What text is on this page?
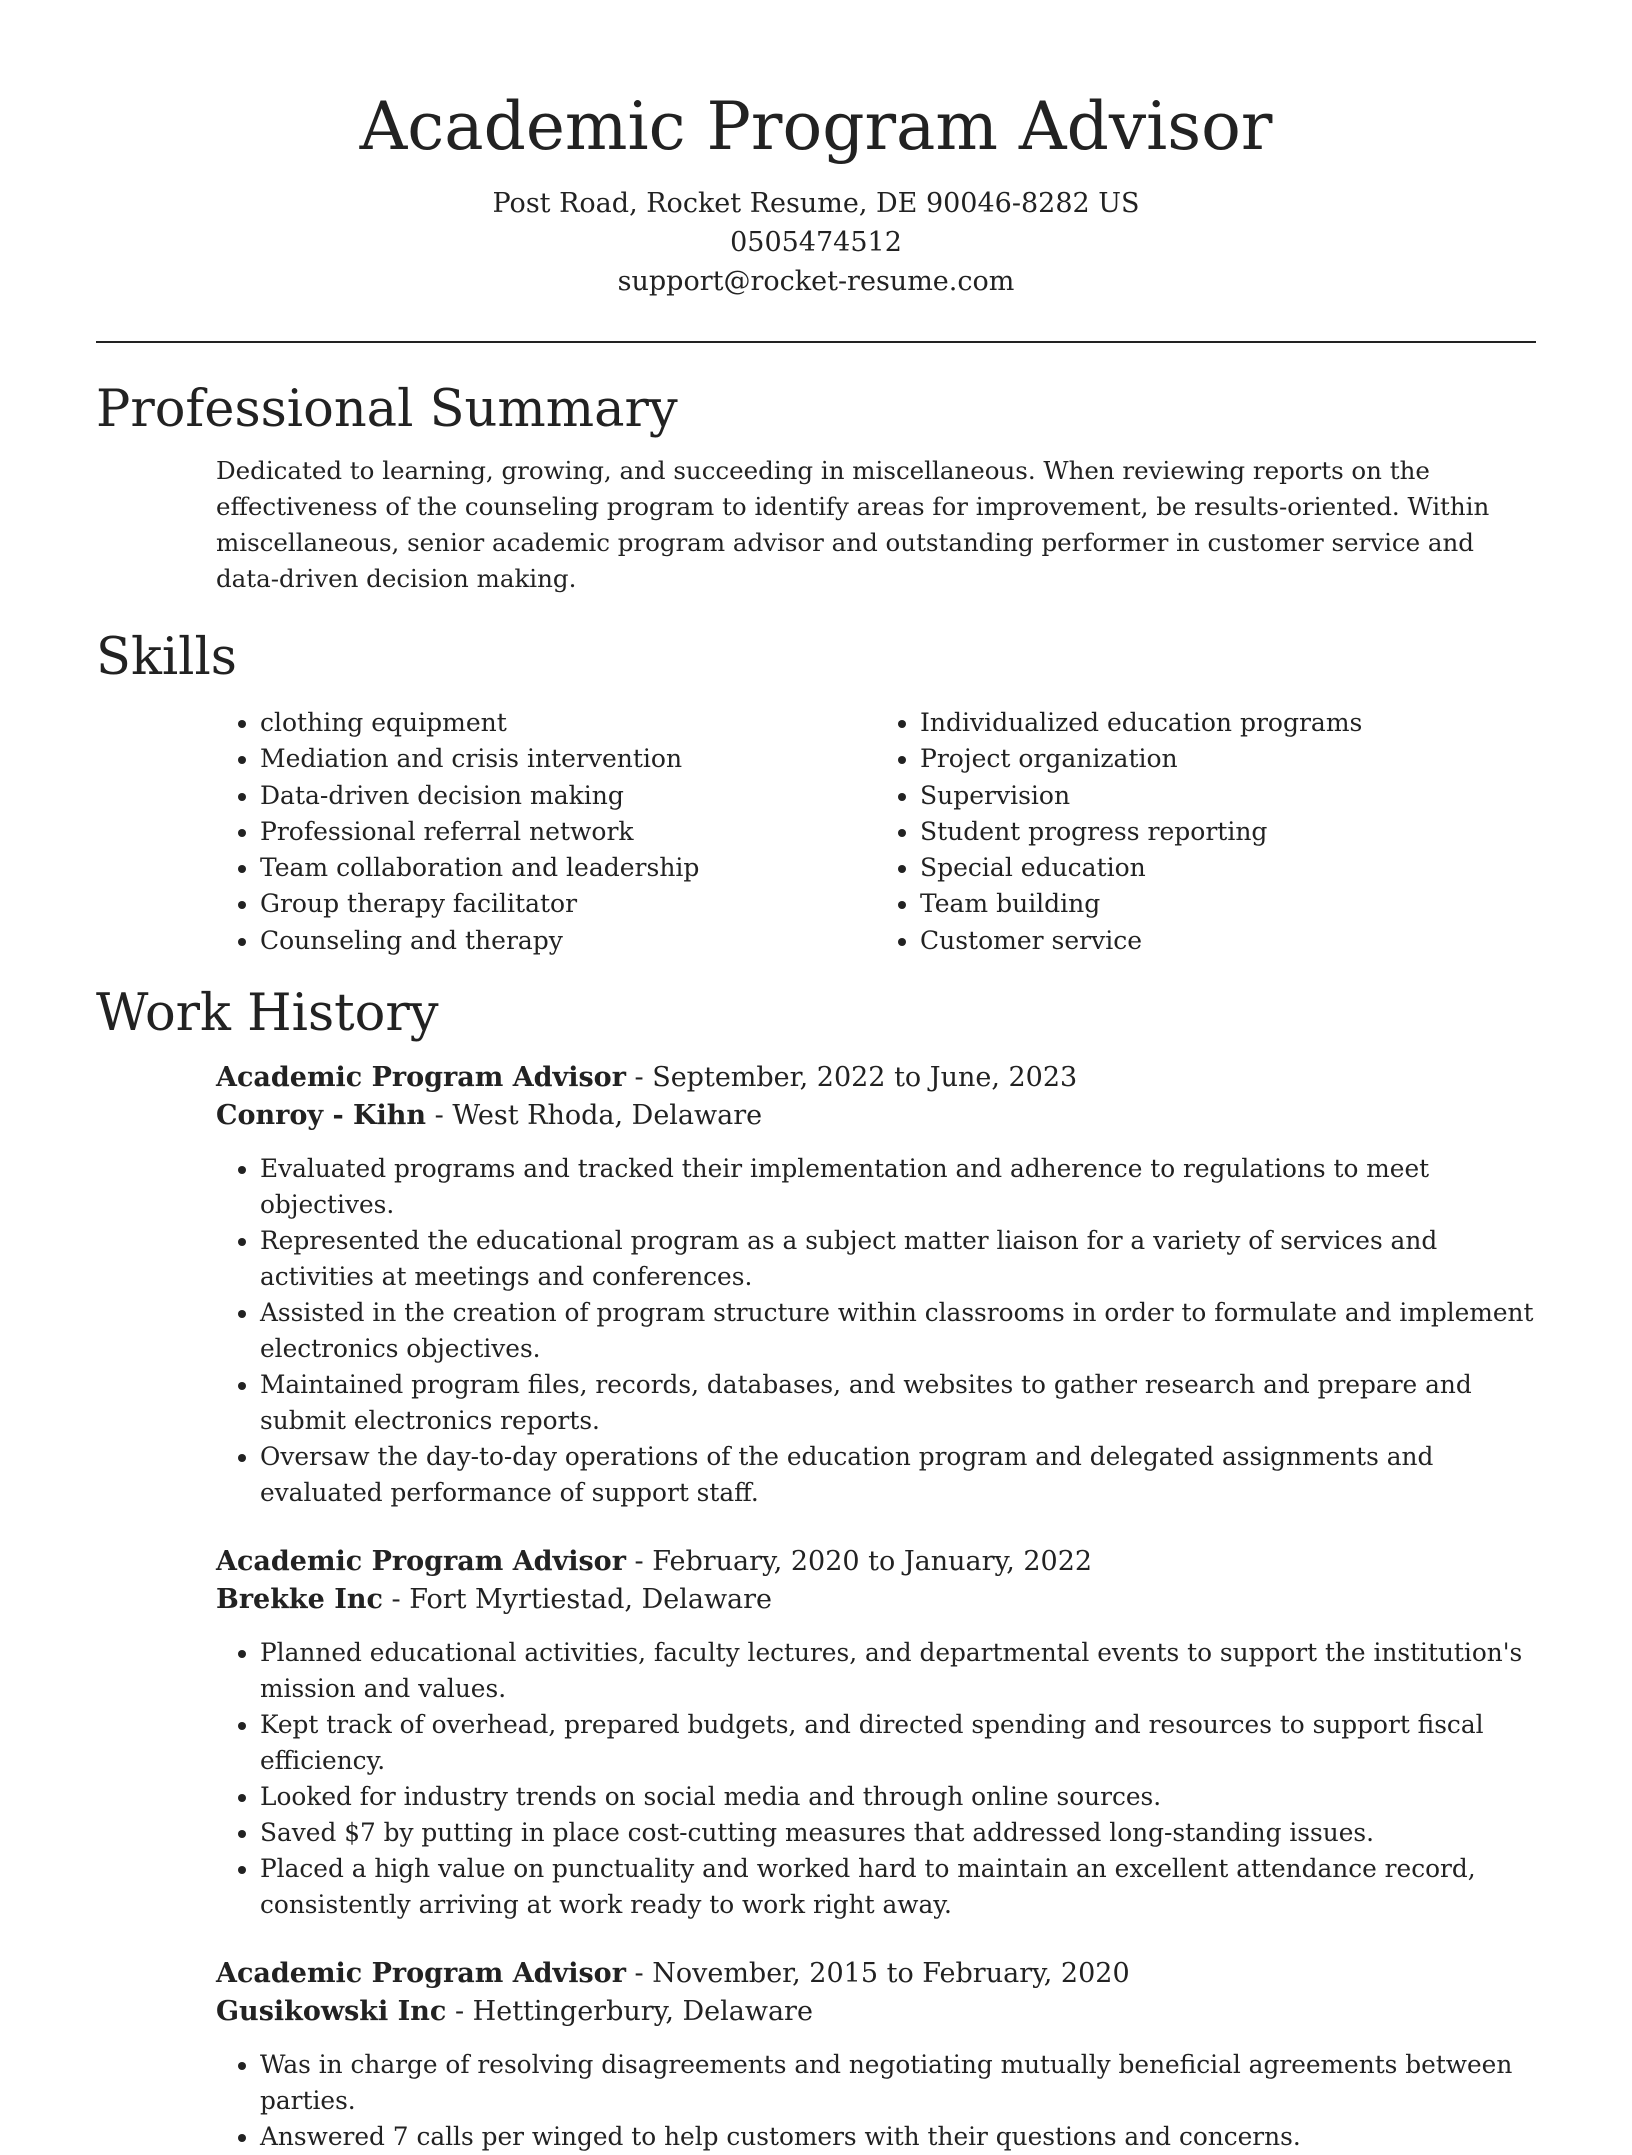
Academic Program Advisor

Post Road, Rocket Resume, DE 90046-8282 US

0505474512

support@rocket-resume.com

Professional Summary

Dedicated to learning, growing, and succeeding in miscellaneous. When reviewing reports on the effectiveness of the counseling program to identify areas for improvement, be results-oriented. Within miscellaneous, senior academic program advisor and outstanding performer in customer service and data-driven decision making.

Skills
• clothing equipment
• Mediation and crisis intervention
• Data-driven decision making
• Professional referral network
• Team collaboration and leadership
• Group therapy facilitator
• Counseling and therapy
• Individualized education programs
• Project organization
• Supervision
• Student progress reporting
• Special education
• Team building
• Customer service
Work History

Academic Program Advisor - September, 2022 to June, 2023

Conroy - Kihn - West Rhoda, Delaware

• Evaluated programs and tracked their implementation and adherence to regulations to meet objectives.
• Represented the educational program as a subject matter liaison for a variety of services and activities at meetings and conferences.
• Assisted in the creation of program structure within classrooms in order to formulate and implement electronics objectives.
• Maintained program files, records, databases, and websites to gather research and prepare and submit electronics reports.
• Oversaw the day-to-day operations of the education program and delegated assignments and evaluated performance of support staff.

Academic Program Advisor - February, 2020 to January, 2022

Brekke Inc - Fort Myrtiestad, Delaware

• Planned educational activities, faculty lectures, and departmental events to support the institution's mission and values.
• Kept track of overhead, prepared budgets, and directed spending and resources to support fiscal efficiency.
• Looked for industry trends on social media and through online sources.
• Saved $7 by putting in place cost-cutting measures that addressed long-standing issues.
• Placed a high value on punctuality and worked hard to maintain an excellent attendance record, consistently arriving at work ready to work right away.

Academic Program Advisor - November, 2015 to February, 2020

Gusikowski Inc - Hettingerbury, Delaware

• Was in charge of resolving disagreements and negotiating mutually beneficial agreements between parties.
• Answered 7 calls per winged to help customers with their questions and concerns.
